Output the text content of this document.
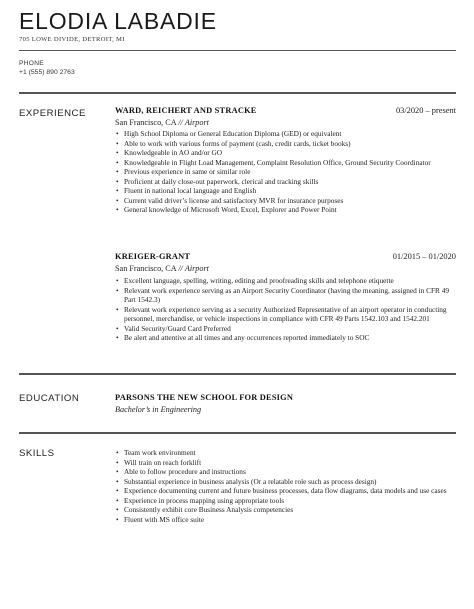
ELODIA LABADIE
705 LOWE DIVIDE, DETROIT, MI
PHONE
+1 (555) 890 2763
EXPERIENCE	WARD, REICHERT AND STRACKE	03/2020 – present
San Francisco, CA // Airport
• High School Diploma or General Education Diploma (GED) or equivalent
• Able to work with various forms of payment (cash, credit cards, ticket books)
• Knowledgeable in AO and/or GO
• Knowledgeable in Flight Load Management, Complaint Resolution Office, Ground Security Coordinator
• Previous experience in same or similar role
• Proficient at daily close-out paperwork, clerical and tracking skills
• Fluent in national local language and English
• Current valid driver’s license and satisfactory MVR for insurance purposes
• General knowledge of Microsoft Word, Excel, Explorer and Power Point
KREIGER-GRANT	01/2015 – 01/2020
San Francisco, CA // Airport
• Excellent language, spelling, writing, editing and proofreading skills and telephone etiquette
• Relevant work experience serving as an Airport Security Coordinator (having the meaning, assigned in CFR 49 Part 1542.3)
• Relevant work experience serving as a security Authorized Representative of an airport operator in conducting personnel, merchandise, or vehicle inspections in compliance with CFR 49 Parts 1542.103 and 1542.201
• Valid Security/Guard Card Preferred
• Be alert and attentive at all times and any occurrences reported immediately to SOC
EDUCATION	PARSONS THE NEW SCHOOL FOR DESIGN
Bachelor’s in Engineering
SKILLS
•	Team work environment
• Will train on reach forklift
• Able to follow procedure and instructions
• Substantial experience in business analysis (Or a relatable role such as process design)
• Experience documenting current and future business processes, data flow diagrams, data models and use cases
• Experience in process mapping using appropriate tools
• Consistently exhibit core Business Analysis competencies
• Fluent with MS office suite
